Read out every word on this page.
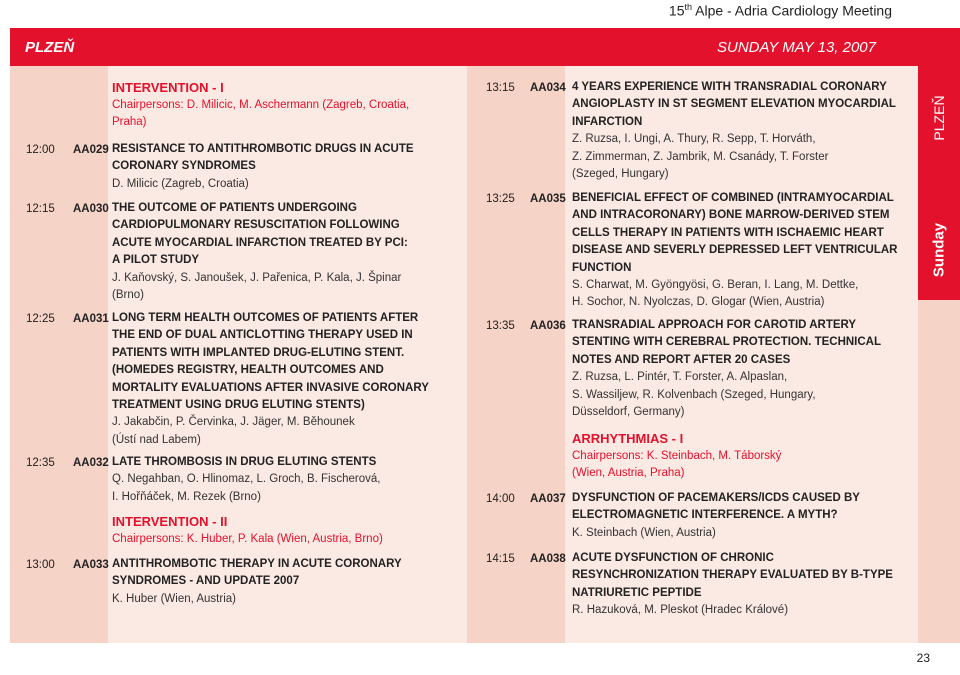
15th Alpe - Adria Cardiology Meeting
PLZEŇ	SUNDAY MAY 13, 2007
PLZEŇ
Sunday
INTERVENTION - I
Chairpersons: D. Milicic, M. Aschermann (Zagreb, Croatia,
Praha)
12:00 AA029 RESISTANCE TO ANTITHROMBOTIC DRUGS IN ACUTE
CORONARY SYNDROMES
D. Milicic (Zagreb, Croatia)
12:15 AA030 THE OUTCOME OF PATIENTS UNDERGOING
CARDIOPULMONARY RESUSCITATION FOLLOWING
ACUTE MYOCARDIAL INFARCTION TREATED BY PCI:
A PILOT STUDY
J. Kaňovský, S. Janoušek, J. Pařenica, P. Kala, J. Špinar
(Brno)
12:25 AA031 LONG TERM HEALTH OUTCOMES OF PATIENTS AFTER
THE END OF DUAL ANTICLOTTING THERAPY USED IN
PATIENTS WITH IMPLANTED DRUG-ELUTING STENT.
(HOMEDES REGISTRY, HEALTH OUTCOMES AND
MORTALITY EVALUATIONS AFTER INVASIVE CORONARY
TREATMENT USING DRUG ELUTING STENTS)
J. Jakabčin, P. Červinka, J. Jäger, M. Běhounek
(Ústí nad Labem)
12:35 AA032 LATE THROMBOSIS IN DRUG ELUTING STENTS
Q. Negahban, O. Hlinomaz, L. Groch, B. Fischerová,
I. Hořňáček, M. Rezek (Brno)
INTERVENTION - II
Chairpersons: K. Huber, P. Kala (Wien, Austria, Brno)
13:00 AA033 ANTITHROMBOTIC THERAPY IN ACUTE CORONARY
SYNDROMES - AND UPDATE 2007
K. Huber (Wien, Austria)
13:15 AA034 4 YEARS EXPERIENCE WITH TRANSRADIAL CORONARY
ANGIOPLASTY IN ST SEGMENT ELEVATION MYOCARDIAL
INFARCTION
Z. Ruzsa, I. Ungi, A. Thury, R. Sepp, T. Horváth,
Z. Zimmerman, Z. Jambrik, M. Csanády, T. Forster
(Szeged, Hungary)
13:25 AA035 BENEFICIAL EFFECT OF COMBINED (INTRAMYOCARDIAL
AND INTRACORONARY) BONE MARROW-DERIVED STEM
CELLS THERAPY IN PATIENTS WITH ISCHAEMIC HEART
DISEASE AND SEVERLY DEPRESSED LEFT VENTRICULAR
FUNCTION
S. Charwat, M. Gyöngyösi, G. Beran, I. Lang, M. Dettke,
H. Sochor, N. Nyolczas, D. Glogar (Wien, Austria)
13:35 AA036 TRANSRADIAL APPROACH FOR CAROTID ARTERY
STENTING WITH CEREBRAL PROTECTION. TECHNICAL
NOTES AND REPORT AFTER 20 CASES
Z. Ruzsa, L. Pintér, T. Forster, A. Alpaslan,
S. Wassiljew, R. Kolvenbach (Szeged, Hungary,
Düsseldorf, Germany)
ARRHYTHMIAS - I
Chairpersons: K. Steinbach, M. Táborský
(Wien, Austria, Praha)
14:00 AA037 DYSFUNCTION OF PACEMAKERS/ICDS CAUSED BY
ELECTROMAGNETIC INTERFERENCE. A MYTH?
K. Steinbach (Wien, Austria)
14:15 AA038 ACUTE DYSFUNCTION OF CHRONIC
RESYNCHRONIZATION THERAPY EVALUATED BY B-TYPE
NATRIURETIC PEPTIDE
R. Hazuková, M. Pleskot (Hradec Králové)
23
